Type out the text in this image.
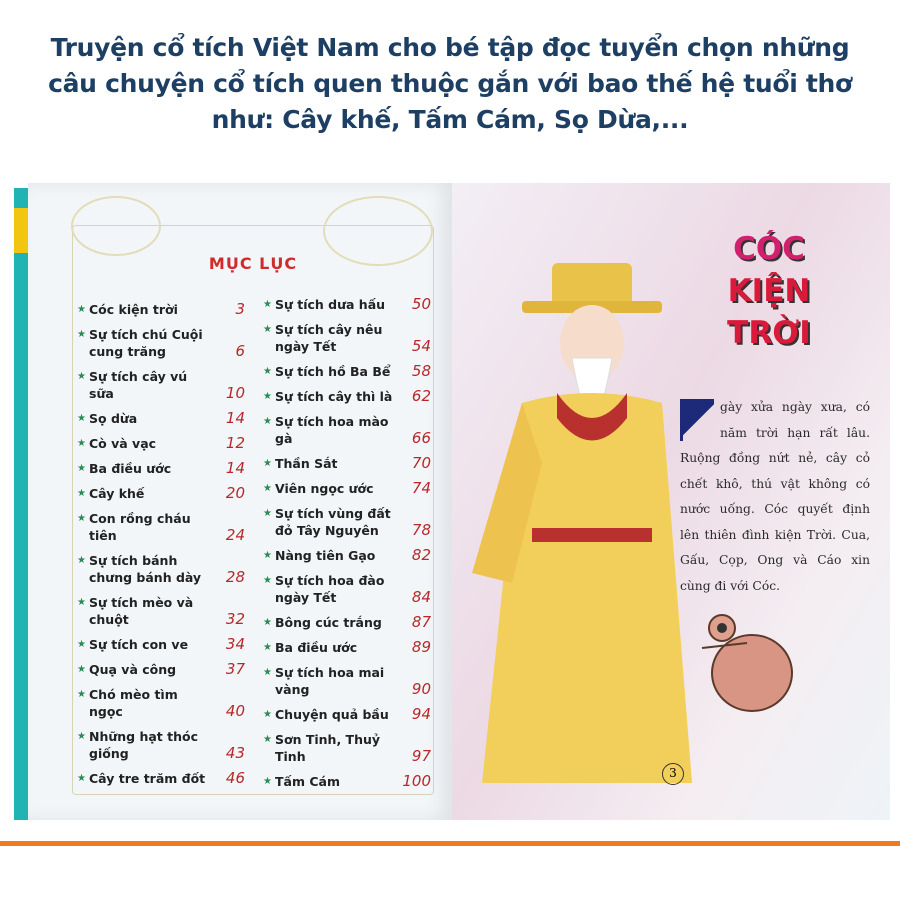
Truyện cổ tích Việt Nam cho bé tập đọc tuyển chọn những
câu chuyện cổ tích quen thuộc gắn với bao thế hệ tuổi thơ
như: Cây khế, Tấm Cám, Sọ Dừa,...
MỤC LỤC
★ Cóc kiện trời	3
★ Sự tích chú Cuội cung trăng	6
★ Sự tích cây vú sữa	10
★ Sọ dừa	14
★ Cò và vạc	12
★ Ba điều ước	14
★ Cây khế	20
★ Con rồng cháu tiên	24
★ Sự tích bánh chưng bánh dày 28
★ Sự tích mèo và chuột	32
★ Sự tích con ve	34
★ Quạ và công	37
★ Chó mèo tìm ngọc	40
★ Những hạt thóc giống	43
★ Cây tre trăm đốt 46
★ Sự tích dưa hấu 50
★ Sự tích cây nêu ngày Tết	54
★ Sự tích hồ Ba Bể 58
★ Sự tích cây thì là 62
★ Sự tích hoa mào gà	66
★ Thần Sắt	70
★ Viên ngọc ước	74
★ Sự tích vùng đất đỏ Tây Nguyên 78
★ Nàng tiên Gạo 82
★ Sự tích hoa đào ngày Tết	84
★ Bông cúc trắng 87
★ Ba điều ước	89
★ Sự tích hoa mai vàng	90
★ Chuyện quả bầu 94
★ Sơn Tinh, Thuỷ Tinh	97
★ Tấm Cám	100
CÓC
KIỆN
TRỜI
gày xửa ngày xưa, có năm trời hạn rất lâu. Ruộng đồng nứt nẻ, cây cỏ chết khô, thú vật không có nước uống. Cóc quyết định lên thiên đình kiện Trời. Cua, Gấu, Cọp, Ong và Cáo xin cùng đi với Cóc.
3
